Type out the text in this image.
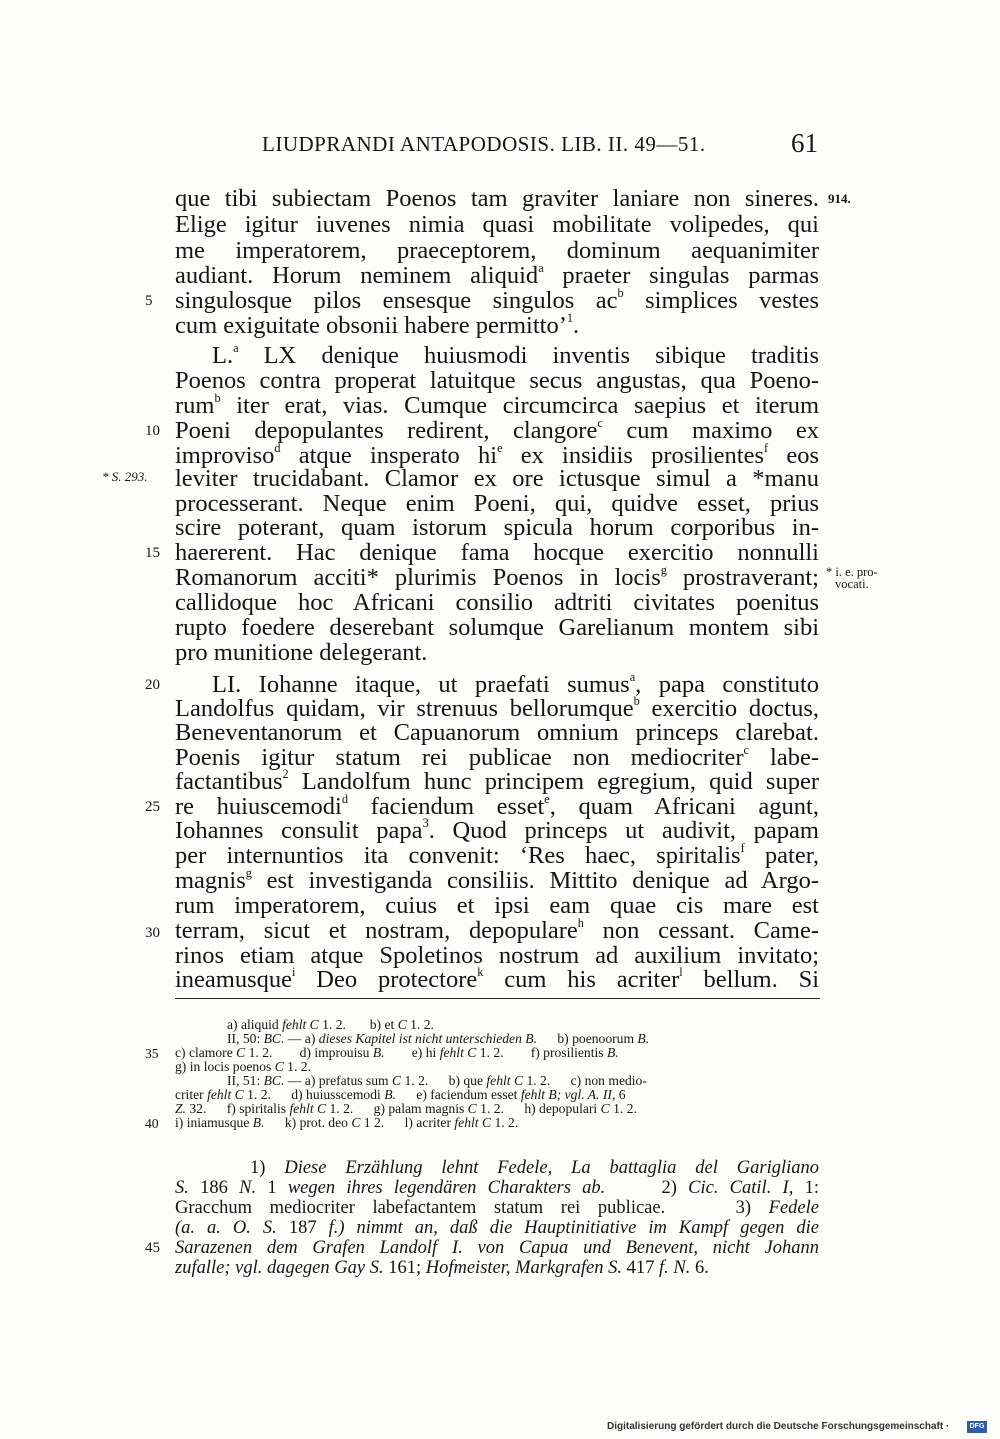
LIUDPRANDI ANTAPODOSIS. LIB. II. 49—51.	61
914.
* S. 293.
* i. e. pro-
vocati.
5
10
15
20
25
30
que tibi subiectam Poenos tam graviter laniare non sineres.
Elige igitur iuvenes nimia quasi mobilitate volipedes, qui
me imperatorem, praeceptorem, dominum aequanimiter
audiant. Horum neminem aliquid$^a$ praeter singulas parmas
singulosque pilos ensesque singulos $ac^b$ simplices vestes
cum exiguitate obsonii habere permitto’$^1$.
L.$^a$ LX denique huiusmodi inventis sibique traditis
Poenos contra properat latuitque secus angustas, qua Poeno-
rum$^b$ iter erat, vias. Cumque circumcirca saepius et iterum
Poeni depopulantes redirent, clangore$^c$ cum maximo ex
improviso$^d$ atque insperato $hi^e$ ex insidiis prosilientes$^f$ eos
leviter trucidabant. Clamor ex ore ictusque simul a *manu
processerant. Neque enim Poeni, qui, quidve esset, prius
scire poterant, quam istorum spicula horum corporibus in-
haererent. Hac denique fama hocque exercitio nonnulli
Romanorum acciti* plurimis Poenos in locis$^g$ prostraverant;
callidoque hoc Africani consilio adtriti civitates poenitus
rupto foedere deserebant solumque Garelianum montem sibi
pro munitione delegerant.
LI. Iohanne itaque, ut praefati sumus$^a$, papa constituto
Landolfus quidam, vir strenuus bellorumque$^b$ exercitio doctus,
Beneventanorum et Capuanorum omnium princeps clarebat.
Poenis igitur statum rei publicae non mediocriter$^c$ labe-
factantibus$^2$ Landolfum hunc principem egregium, quid super
re huiuscemodi$^d$ faciendum esset$^e$, quam Africani agunt,
Iohannes consulit papa$^3$. Quod princeps ut audivit, papam
per internuntios ita convenit: ‘Res haec, spiritalis$^f$ pater,
magnis$^g$ est investiganda consiliis. Mittito denique ad Argo-
rum imperatorem, cuius et ipsi eam quae cis mare est
terram, sicut et nostram, depopulare$^h$ non cessant. Came-
rinos etiam atque Spoletinos nostrum ad auxilium invitato;
ineamusque$^i$ Deo protectore$^k$ cum his acriter$^l$ bellum. Si
a) aliquid fehlt C 1. 2.       b) et C 1. 2.
II, 50: BC. — a) dieses Kapitel ist nicht unterschieden B.      b) poenoorum B.
c) clamore C 1. 2.        d) improuisu B.        e) hi fehlt C 1. 2.        f) prosilientis B.
g) in locis poenos C 1. 2.
II, 51: BC. — a) prefatus sum C 1. 2.      b) que fehlt C 1. 2.      c) non medio-
criter fehlt C 1. 2.      d) huiusscemodi B.      e) faciendum esset fehlt B; vgl. A. II, 6
Z. 32.      f) spiritalis fehlt C 1. 2.      g) palam magnis C 1. 2.      h) depopulari C 1. 2.
i) iniamusque B.      k) prot. deo C 1 2.      l) acriter fehlt C 1. 2.
35
40
1) Diese Erzählung lehnt Fedele, La battaglia del Garigliano
S. 186 N. 1 wegen ihres legendären Charakters ab.     2) Cic. Catil. I, 1:
Gracchum mediocriter labefactantem statum rei publicae.    3) Fedele
(a. a. O. S. 187 f.) nimmt an, daß die Hauptinitiative im Kampf gegen die
Sarazenen dem Grafen Landolf I. von Capua und Benevent, nicht Johann
zufalle; vgl. dagegen Gay S. 161; Hofmeister, Markgrafen S. 417 f. N. 6.
45
Digitalisierung gefördert durch die Deutsche Forschungsgemeinschaft ·	DFG
